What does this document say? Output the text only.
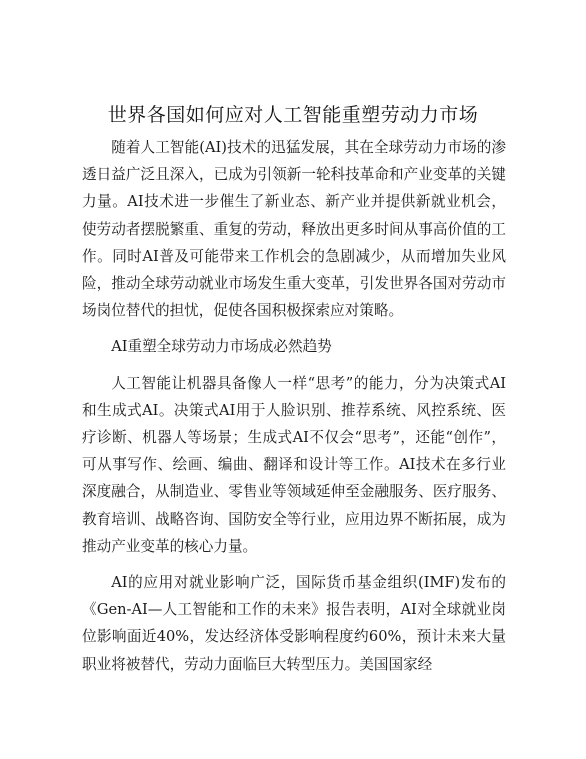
世界各国如何应对人工智能重塑劳动力市场

随着人工智能(AI)技术的迅猛发展，其在全球劳动力市场的渗透日益广泛且深入，已成为引领新一轮科技革命和产业变革的关键力量。AI技术进一步催生了新业态、新产业并提供新就业机会，使劳动者摆脱繁重、重复的劳动，释放出更多时间从事高价值的工作。同时AI普及可能带来工作机会的急剧减少，从而增加失业风险，推动全球劳动就业市场发生重大变革，引发世界各国对劳动市场岗位替代的担忧，促使各国积极探索应对策略。

AI重塑全球劳动力市场成必然趋势

人工智能让机器具备像人一样“思考”的能力，分为决策式AI和生成式AI。决策式AI用于人脸识别、推荐系统、风控系统、医疗诊断、机器人等场景；生成式AI不仅会“思考”，还能“创作”，可从事写作、绘画、编曲、翻译和设计等工作。AI技术在多行业深度融合，从制造业、零售业等领域延伸至金融服务、医疗服务、教育培训、战略咨询、国防安全等行业，应用边界不断拓展，成为推动产业变革的核心力量。

AI的应用对就业影响广泛，国际货币基金组织(IMF)发布的《Gen-AI—人工智能和工作的未来》报告表明，AI对全球就业岗位影响面近40%，发达经济体受影响程度约60%，预计未来大量职业将被替代，劳动力面临巨大转型压力。美国国家经
